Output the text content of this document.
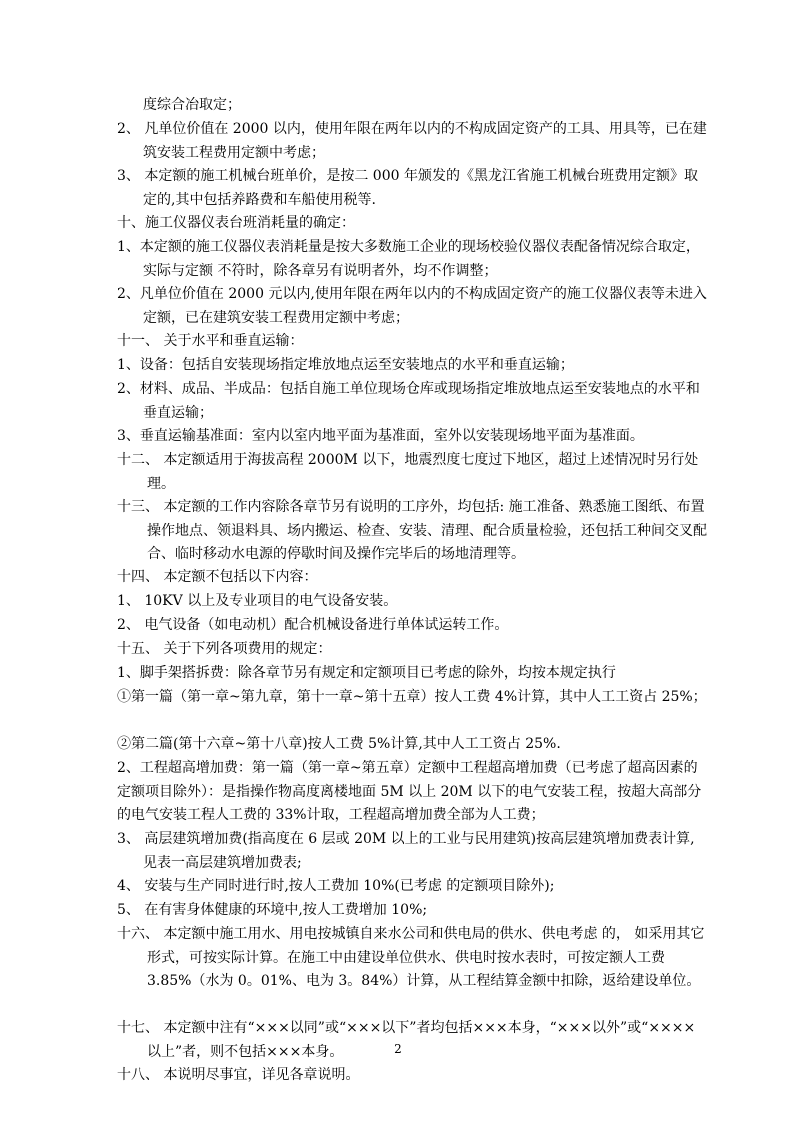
度综合冶取定；

2、 凡单位价值在 2000 以内，使用年限在两年以内的不构成固定资产的工具、用具等，已在建筑安装工程费用定额中考虑；

3、 本定额的施工机械台班单价，是按二 000 年颁发的《黑龙江省施工机械台班费用定额》取定的,其中包括养路费和车船使用税等.

十、施工仪器仪表台班消耗量的确定：

1、本定额的施工仪器仪表消耗量是按大多数施工企业的现场校验仪器仪表配备情况综合取定，实际与定额 不符时，除各章另有说明者外，均不作调整；

2、凡单位价值在 2000 元以内,使用年限在两年以内的不构成固定资产的施工仪器仪表等未进入定额，已在建筑安装工程费用定额中考虑；

十一、 关于水平和垂直运输：

1、设备：包括自安装现场指定堆放地点运至安装地点的水平和垂直运输；

2、材料、成品、半成品：包括自施工单位现场仓库或现场指定堆放地点运至安装地点的水平和垂直运输；

3、垂直运输基准面：室内以室内地平面为基准面，室外以安装现场地平面为基准面。

十二、 本定额适用于海拔高程 2000M 以下，地震烈度七度过下地区，超过上述情况时另行处理。

十三、 本定额的工作内容除各章节另有说明的工序外，均包括: 施工准备、熟悉施工图纸、布置操作地点、领退料具、场内搬运、检查、安装、清理、配合质量检验，还包括工种间交叉配合、临时移动水电源的停歇时间及操作完毕后的场地清理等。

十四、 本定额不包括以下内容：

1、 10KV 以上及专业项目的电气设备安装。

2、 电气设备（如电动机）配合机械设备进行单体试运转工作。

十五、 关于下列各项费用的规定：

1、脚手架搭拆费：除各章节另有规定和定额项目已考虑的除外，均按本规定执行

①第一篇（第一章~第九章，第十一章~第十五章）按人工费 4%计算，其中人工工资占 25%；

②第二篇(第十六章~第十八章)按人工费 5%计算,其中人工工资占 25%.

2、工程超高增加费：第一篇（第一章~第五章）定额中工程超高增加费（已考虑了超高因素的定额项目除外）：是指操作物高度离楼地面 5M 以上 20M 以下的电气安装工程，按超大高部分的电气安装工程人工费的 33%计取，工程超高增加费全部为人工费；

3、 高层建筑增加费(指高度在 6 层或 20M 以上的工业与民用建筑)按高层建筑增加费表计算,见表一高层建筑增加费表;

4、 安装与生产同时进行时,按人工费加 10%(已考虑 的定额项目除外);

5、 在有害身体健康的环境中,按人工费增加 10%;

十六、 本定额中施工用水、用电按城镇自来水公司和供电局的供水、供电考虑 的， 如采用其它形式，可按实际计算。在施工中由建设单位供水、供电时按水表时，可按定额人工费 3.85%（水为 0。01%、电为 3。84%）计算，从工程结算金额中扣除，返给建设单位。

十七、 本定额中注有“×××以同”或“×××以下”者均包括×××本身，“×××以外”或“××××以上”者，则不包括×××本身。

十八、 本说明尽事宜，详见各章说明。

2
